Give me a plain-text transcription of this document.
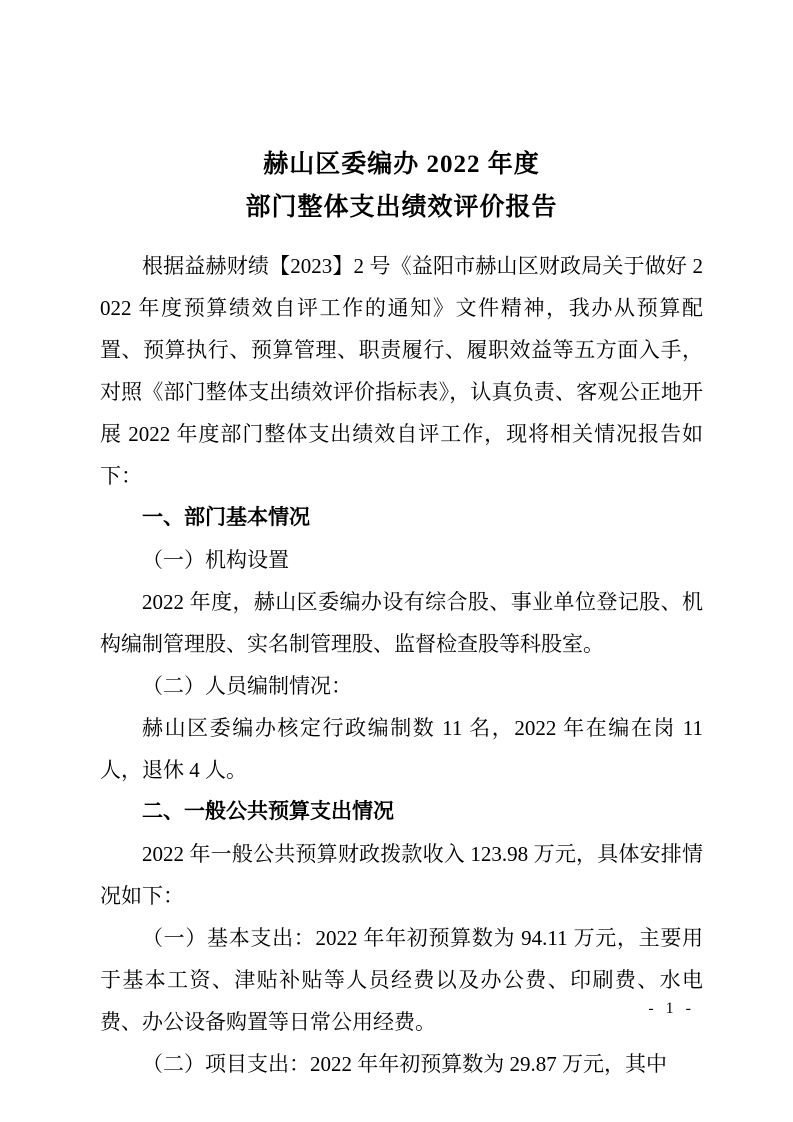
赫山区委编办 2022 年度
部门整体支出绩效评价报告

根据益赫财绩【2023】2 号《益阳市赫山区财政局关于做好 2022 年度预算绩效自评工作的通知》文件精神，我办从预算配置、预算执行、预算管理、职责履行、履职效益等五方面入手，对照《部门整体支出绩效评价指标表》，认真负责、客观公正地开展 2022 年度部门整体支出绩效自评工作，现将相关情况报告如下：

一、部门基本情况

（一）机构设置

2022 年度，赫山区委编办设有综合股、事业单位登记股、机构编制管理股、实名制管理股、监督检查股等科股室。

（二）人员编制情况：

赫山区委编办核定行政编制数 11 名，2022 年在编在岗 11 人，退休 4 人。

二、一般公共预算支出情况

2022 年一般公共预算财政拨款收入 123.98 万元，具体安排情况如下：

（一）基本支出：2022 年年初预算数为 94.11 万元，主要用于基本工资、津贴补贴等人员经费以及办公费、印刷费、水电费、办公设备购置等日常公用经费。

（二）项目支出：2022 年年初预算数为 29.87 万元，其中

- 1 -
